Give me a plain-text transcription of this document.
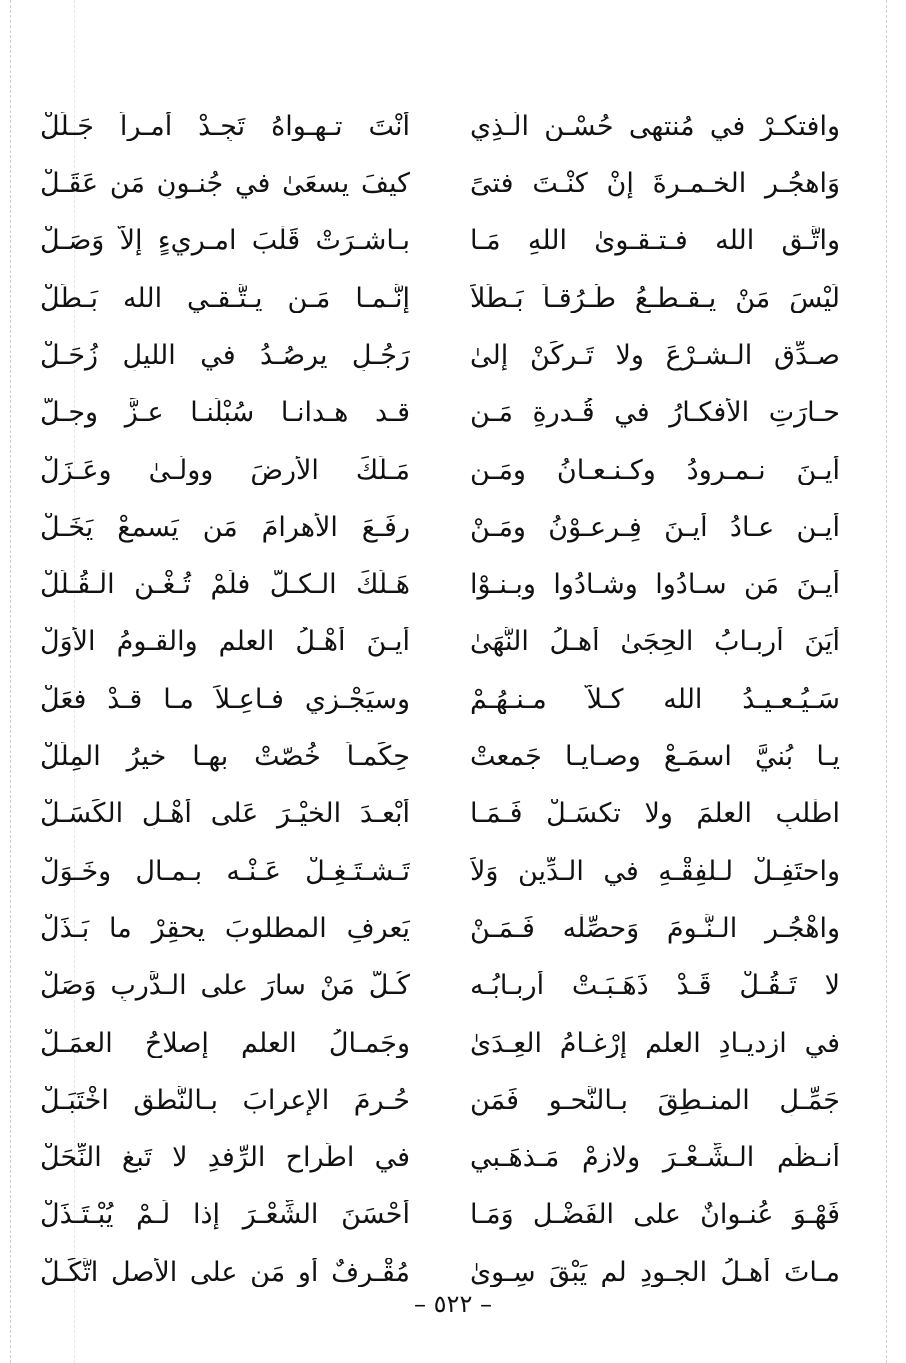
وافتكـرْ في مُنتهى حُسْـنِ الّـذِي
أنْتَ تـهـواهُ تَجِـدْ أمـراً جَـلَلْ
وَاهجُـرِ الخـمـرةَ إنْ كنْـتَ فتىً
كيفَ يسعَىٰ في جُنـونٍ مَن عَقَـلْ
واتَّـقِ الله فـتـقـوىٰ اللهِ مَـا
بـاشـرَتْ قَلْبَ امـرِيءٍ إلاّ وَصَـلْ
لَيْسَ مَنْ يـقـطـعُ طُـرُقـاً بَـطَلاً
إنَّـمـا مَـن يـتَّـقـي الله بَـطَلْ
صـدِّقِ الـشـرْعَ ولا تَـركَنْ إلىٰ
رَجُـلٍ يرصُـدُ في الليلِ زُحَـلْ
حـارَتِ الأفكـارُ في قُـدرةِ مَـن
قـد هـدانـا سُبْلَنـا عـزَّ وجـلّ
أيـنَ نـمـرودُ وكـنـعـانُ ومَـن
مَـلَكَ الأرضَ وولّـىٰ وعَـزَلْ
أيـن عـادُ أيـنَ فِـرعـوْنُ ومَـنْ
رفَـعَ الأهرامَ مَن يَسمعْ يَخَـلْ
أيـنَ مَن سـادُوا وشـادُوا وبـنـوْا
هَـلَكَ الـكـلُّ فلَمْ تُـغْـنِ الْـقُـلَلْ
أيَنَ أربـابُ الحِجَىٰ أهـلُ النُّهَىٰ
أيـنَ أهْـلُ العلمِ والقـومُ الأُوَلْ
سَـيُـعـيـدُ الله كـلاًّ مـنـهُـمْ
وسيَجْـزي فـاعِـلاً مـا قـدْ فعَلْ
يـا بُنيَّ اسمَـعْ وصـايـا جَمعتْ
حِكَمـاً خُصّتْ بهـا خيرُ المِلَلْ
اطْلبِ العلمَ ولا تكسَـلْ فَـمَـا
أبْعـدَ الخيْـرَ عَلى أهْـلِ الكَسَـلْ
واحتَفِـلْ لـلفِقْـهِ في الـدِّينِ وَلاَ
تَـشـتَـغِـلْ عَـنْـه بـمـالٍ وخَـوَلْ
واهْجُـرِ الـنَّـومَ وَحصِّلْه فَـمَـنْ
يَعرفِ المطلوبَ يحقِرْ ما بَـذَلْ
لا تَـقُـلْ قَـدْ ذَهَـبَـتْ أربـابُـه
كُـلُّ مَنْ سارَ على الـدَّربِ وَصَلْ
في ازديـادِ العلمِ إرْغـامُ العِـدَىٰ
وجَمـالُ العلمِ إصلاحُ العمَـلْ
جَمِّـلِ المنـطِقَ بـالنَّحـوِ فَمَن
حُـرِمَ الإعرابَ بـالنُّطقِ اخْتَبَـلْ
أُنـظُمِ الـشِّـعْـرَ ولازِمْ مَـذهَـبي
في اطِّراحِ الرِّفدِ لا تَبغِ النِّحَلْ
فَهْـوَ عُنـوانٌ على الفَضْـلِ وَمَـا
أحْسَنَ الشِّعْـرَ إذا لَـمْ يُبْـتَـذَلْ
مـاتَ أهـلُ الجـودِ لم يَبْقَ سِـوىٰ
مُقْـرِفٌ أو مَن على الأصلِ اتَّكَـلْ
– ٥٢٢ –
